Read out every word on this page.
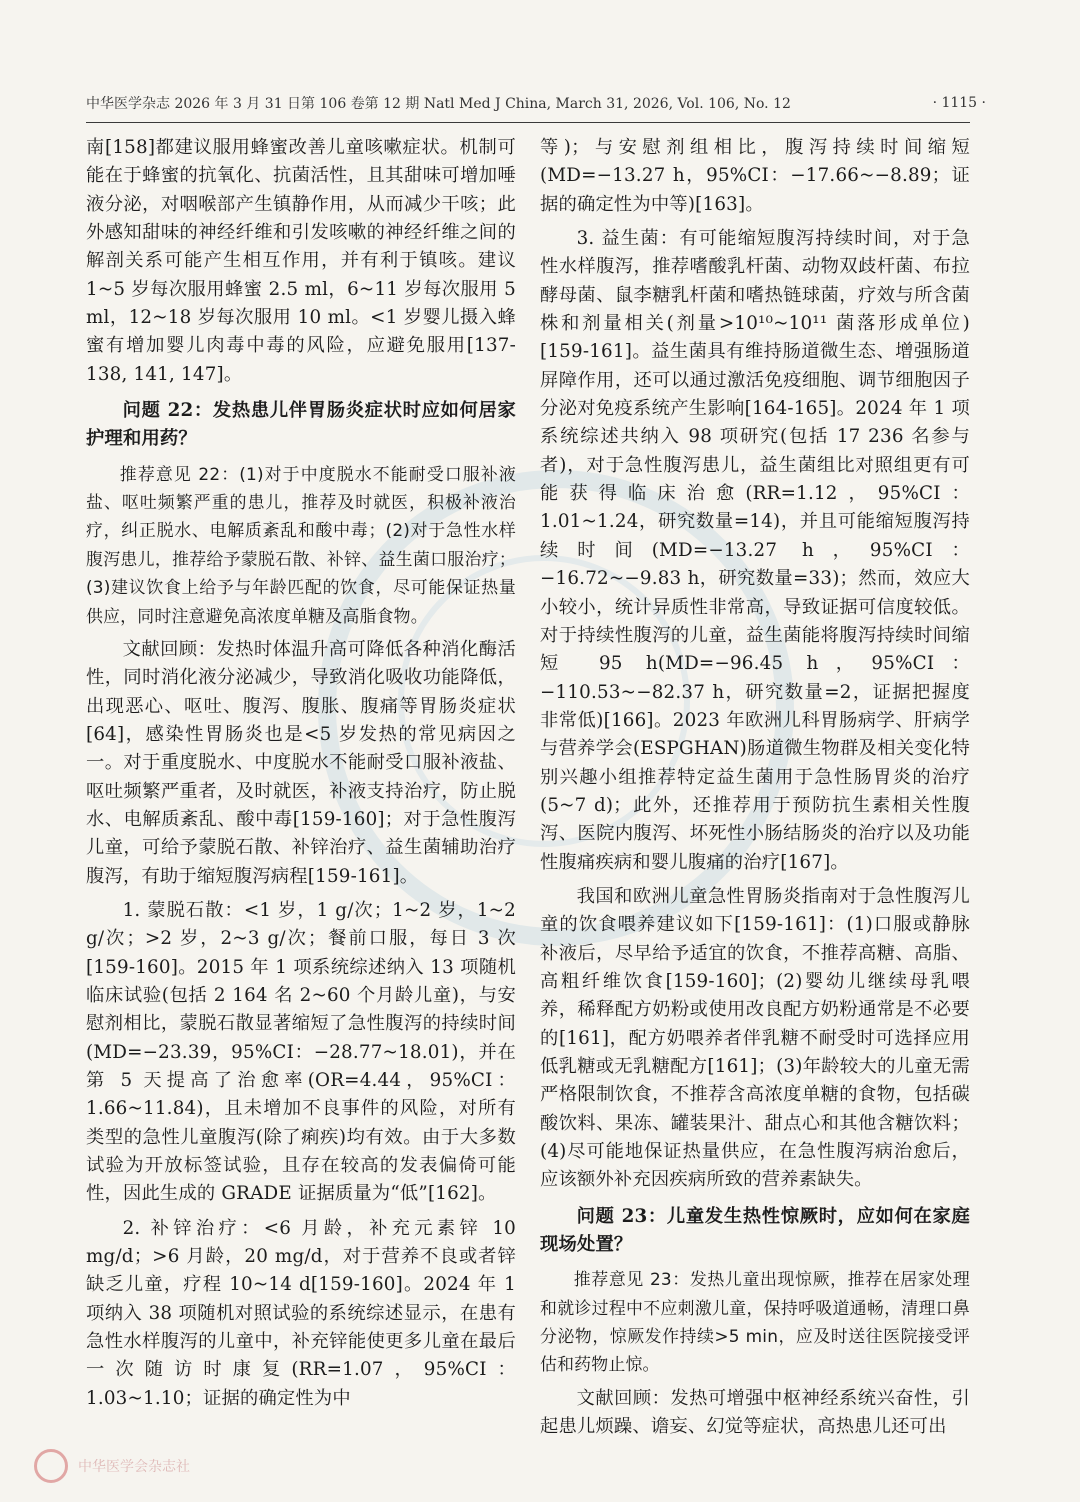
中华医学杂志 2026 年 3 月 31 日第 106 卷第 12 期 Natl Med J China, March 31, 2026, Vol. 106, No. 12	· 1115 ·

南[158]都建议服用蜂蜜改善儿童咳嗽症状。机制可能在于蜂蜜的抗氧化、抗菌活性，且其甜味可增加唾液分泌，对咽喉部产生镇静作用，从而减少干咳；此外感知甜味的神经纤维和引发咳嗽的神经纤维之间的解剖关系可能产生相互作用，并有利于镇咳。建议 1~5 岁每次服用蜂蜜 2.5 ml，6~11 岁每次服用 5 ml，12~18 岁每次服用 10 ml。<1 岁婴儿摄入蜂蜜有增加婴儿肉毒中毒的风险，应避免服用[137-138, 141, 147]。

问题 22：发热患儿伴胃肠炎症状时应如何居家护理和用药？

推荐意见 22：(1)对于中度脱水不能耐受口服补液盐、呕吐频繁严重的患儿，推荐及时就医，积极补液治疗，纠正脱水、电解质紊乱和酸中毒；(2)对于急性水样腹泻患儿，推荐给予蒙脱石散、补锌、益生菌口服治疗；(3)建议饮食上给予与年龄匹配的饮食，尽可能保证热量供应，同时注意避免高浓度单糖及高脂食物。

文献回顾：发热时体温升高可降低各种消化酶活性，同时消化液分泌减少，导致消化吸收功能降低，出现恶心、呕吐、腹泻、腹胀、腹痛等胃肠炎症状[64]，感染性胃肠炎也是<5 岁发热的常见病因之一。对于重度脱水、中度脱水不能耐受口服补液盐、呕吐频繁严重者，及时就医，补液支持治疗，防止脱水、电解质紊乱、酸中毒[159-160]；对于急性腹泻儿童，可给予蒙脱石散、补锌治疗、益生菌辅助治疗腹泻，有助于缩短腹泻病程[159-161]。

1. 蒙脱石散：<1 岁，1 g/次；1~2 岁，1~2 g/次；>2 岁，2~3 g/次；餐前口服，每日 3 次[159-160]。2015 年 1 项系统综述纳入 13 项随机临床试验(包括 2 164 名 2~60 个月龄儿童)，与安慰剂相比，蒙脱石散显著缩短了急性腹泻的持续时间(MD=−23.39，95%CI：−28.77~18.01)，并在第 5 天提高了治愈率(OR=4.44，95%CI：1.66~11.84)，且未增加不良事件的风险，对所有类型的急性儿童腹泻(除了痢疾)均有效。由于大多数试验为开放标签试验，且存在较高的发表偏倚可能性，因此生成的 GRADE 证据质量为“低”[162]。

2. 补锌治疗：<6 月龄，补充元素锌 10 mg/d；>6 月龄，20 mg/d，对于营养不良或者锌缺乏儿童，疗程 10~14 d[159-160]。2024 年 1 项纳入 38 项随机对照试验的系统综述显示，在患有急性水样腹泻的儿童中，补充锌能使更多儿童在最后一次随访时康复(RR=1.07，95%CI：1.03~1.10；证据的确定性为中

等)；与安慰剂组相比，腹泻持续时间缩短(MD=−13.27 h，95%CI：−17.66~−8.89；证据的确定性为中等)[163]。

3. 益生菌：有可能缩短腹泻持续时间，对于急性水样腹泻，推荐嗜酸乳杆菌、动物双歧杆菌、布拉酵母菌、鼠李糖乳杆菌和嗜热链球菌，疗效与所含菌株和剂量相关(剂量>10¹⁰~10¹¹ 菌落形成单位)[159-161]。益生菌具有维持肠道微生态、增强肠道屏障作用，还可以通过激活免疫细胞、调节细胞因子分泌对免疫系统产生影响[164-165]。2024 年 1 项系统综述共纳入 98 项研究(包括 17 236 名参与者)，对于急性腹泻患儿，益生菌组比对照组更有可能获得临床治愈(RR=1.12，95%CI：1.01~1.24，研究数量=14)，并且可能缩短腹泻持续时间(MD=−13.27 h，95%CI：−16.72~−9.83 h，研究数量=33)；然而，效应大小较小，统计异质性非常高，导致证据可信度较低。对于持续性腹泻的儿童，益生菌能将腹泻持续时间缩短 95 h(MD=−96.45 h，95%CI：−110.53~−82.37 h，研究数量=2，证据把握度非常低)[166]。2023 年欧洲儿科胃肠病学、肝病学与营养学会(ESPGHAN)肠道微生物群及相关变化特别兴趣小组推荐特定益生菌用于急性肠胃炎的治疗(5~7 d)；此外，还推荐用于预防抗生素相关性腹泻、医院内腹泻、坏死性小肠结肠炎的治疗以及功能性腹痛疾病和婴儿腹痛的治疗[167]。

我国和欧洲儿童急性胃肠炎指南对于急性腹泻儿童的饮食喂养建议如下[159-161]：(1)口服或静脉补液后，尽早给予适宜的饮食，不推荐高糖、高脂、高粗纤维饮食[159-160]；(2)婴幼儿继续母乳喂养，稀释配方奶粉或使用改良配方奶粉通常是不必要的[161]，配方奶喂养者伴乳糖不耐受时可选择应用低乳糖或无乳糖配方[161]；(3)年龄较大的儿童无需严格限制饮食，不推荐含高浓度单糖的食物，包括碳酸饮料、果冻、罐装果汁、甜点心和其他含糖饮料；(4)尽可能地保证热量供应，在急性腹泻病治愈后，应该额外补充因疾病所致的营养素缺失。

问题 23：儿童发生热性惊厥时，应如何在家庭现场处置？

推荐意见 23：发热儿童出现惊厥，推荐在居家处理和就诊过程中不应刺激儿童，保持呼吸道通畅，清理口鼻分泌物，惊厥发作持续>5 min，应及时送往医院接受评估和药物止惊。

文献回顾：发热可增强中枢神经系统兴奋性，引起患儿烦躁、谵妄、幻觉等症状，高热患儿还可出

中华医学会杂志社
